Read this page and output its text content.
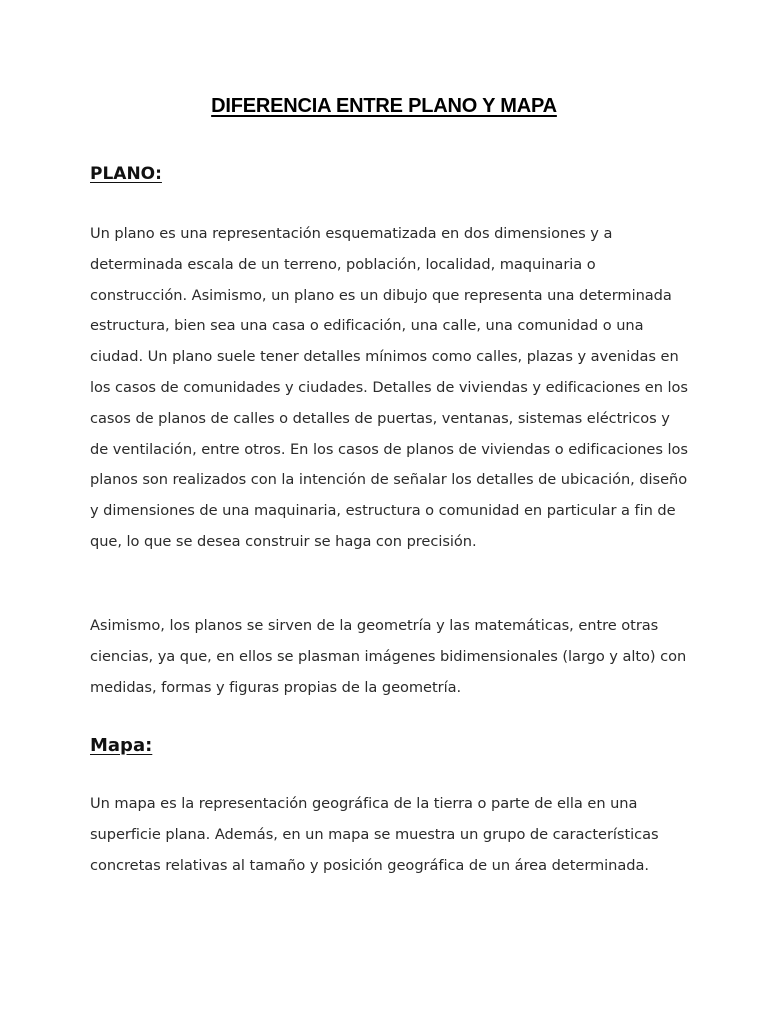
DIFERENCIA ENTRE PLANO Y MAPA
PLANO:

Un plano es una representación esquematizada en dos dimensiones y a determinada escala de un terreno, población, localidad, maquinaria o construcción. Asimismo, un plano es un dibujo que representa una determinada estructura, bien sea una casa o edificación, una calle, una comunidad o una ciudad. Un plano suele tener detalles mínimos como calles, plazas y avenidas en los casos de comunidades y ciudades. Detalles de viviendas y edificaciones en los casos de planos de calles o detalles de puertas, ventanas, sistemas eléctricos y de ventilación, entre otros. En los casos de planos de viviendas o edificaciones los planos son realizados con la intención de señalar los detalles de ubicación, diseño y dimensiones de una maquinaria, estructura o comunidad en particular a fin de que, lo que se desea construir se haga con precisión.

Asimismo, los planos se sirven de la geometría y las matemáticas, entre otras ciencias, ya que, en ellos se plasman imágenes bidimensionales (largo y alto) con medidas, formas y figuras propias de la geometría.

Mapa:

Un mapa es la representación geográfica de la tierra o parte de ella en una superficie plana. Además, en un mapa se muestra un grupo de características concretas relativas al tamaño y posición geográfica de un área determinada.
